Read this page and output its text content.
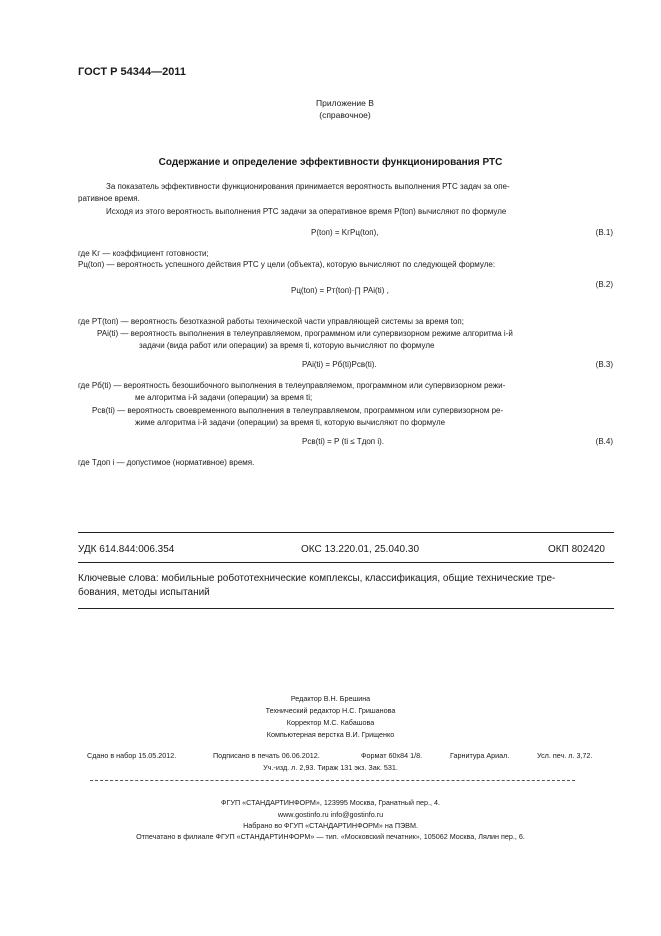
ГОСТ Р 54344—2011
Приложение В
(справочное)
Содержание и определение эффективности функционирования РТС
За показатель эффективности функционирования принимается вероятность выполнения РТС задач за опе-
ративное время.
Исходя из этого вероятность выполнения РТС задачи за оперативное время P(tоп) вычисляют по формуле
P(tоп) = KгPц(tоп),	(В.1)
где Kг — коэффициент готовности;
Pц(tоп) — вероятность успешного действия РТС у цели (объекта), которую вычисляют по следующей формуле:
Pц(tоп) = Pт(tоп)·∏ PAi(ti) ,
(В.2)
где PT(tоп) — вероятность безотказной работы технической части управляющей системы за время tоп;
PAi(ti) — вероятность выполнения в телеуправляемом, программном или супервизорном режиме алгоритма i-й
задачи (вида работ или операции) за время ti, которую вычисляют по формуле
PAi(ti) = Pб(ti)Pсв(ti).	(В.3)
где Pб(ti) — вероятность безошибочного выполнения в телеуправляемом, программном или супервизорном режи-
ме алгоритма i-й задачи (операции) за время ti;
Pсв(ti) — вероятность своевременного выполнения в телеуправляемом, программном или супервизорном ре-
жиме алгоритма i-й задачи (операции) за время ti, которую вычисляют по формуле
Pсв(ti) = P (ti ≤ Tдоп i).	(В.4)
где Tдоп i — допустимое (нормативное) время.
УДК 614.844:006.354	ОКС 13.220.01, 25.040.30	ОКП 802420
Ключевые слова: мобильные робототехнические комплексы, классификация, общие технические тре-
бования, методы испытаний
Редактор В.Н. Брешина
Технический редактор Н.С. Гришанова
Корректор М.С. Кабашова
Компьютерная верстка В.И. Грищенко
Сдано в набор 15.05.2012.	Подписано в печать 06.06.2012.	Формат 60х84 1/8.	Гарнитура Ариал.	Усл. печ. л. 3,72.
Уч.-изд. л. 2,93. Тираж 131 экз. Зак. 531.
ФГУП «СТАНДАРТИНФОРМ», 123995 Москва, Гранатный пер., 4.
www.gostinfo.ru info@gostinfo.ru
Набрано во ФГУП «СТАНДАРТИНФОРМ» на ПЭВМ.
Отпечатано в филиале ФГУП «СТАНДАРТИНФОРМ» — тип. «Московский печатник», 105062 Москва, Лялин пер., 6.
